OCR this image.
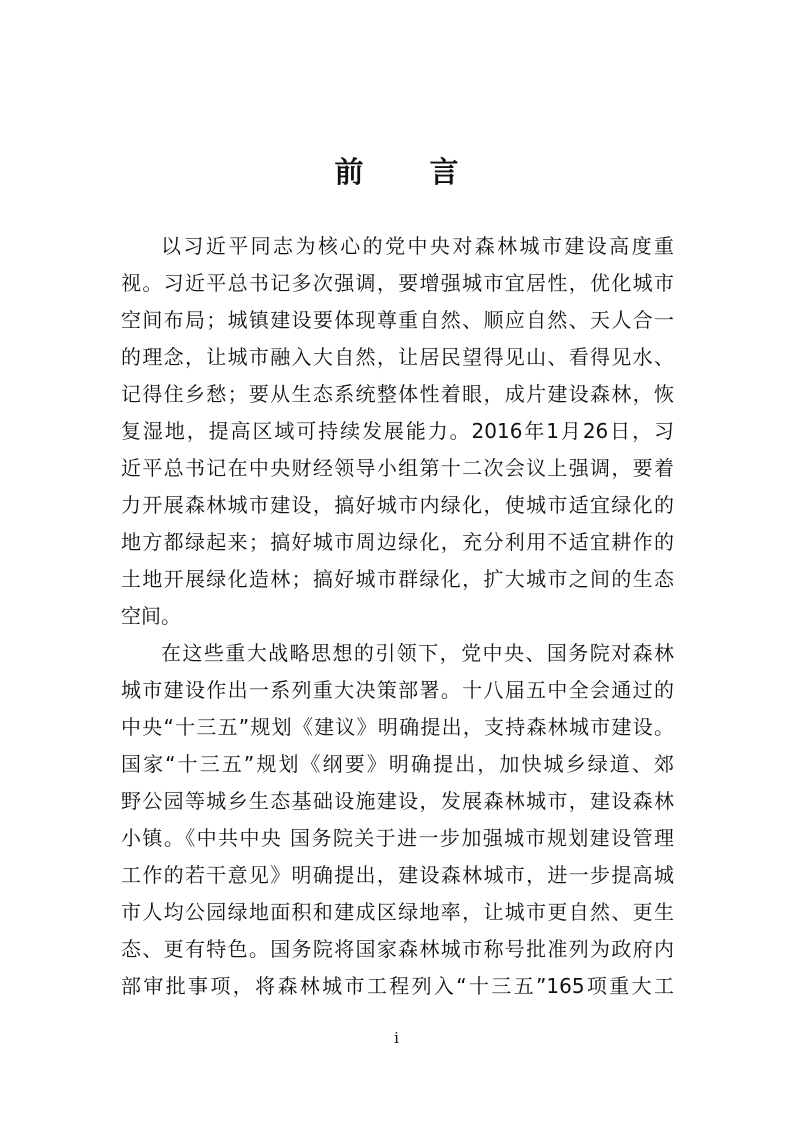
前 言
以习近平同志为核心的党中央对森林城市建设高度重
视。习近平总书记多次强调，要增强城市宜居性，优化城市
空间布局；城镇建设要体现尊重自然、顺应自然、天人合一
的理念，让城市融入大自然，让居民望得见山、看得见水、
记得住乡愁；要从生态系统整体性着眼，成片建设森林，恢
复湿地，提高区域可持续发展能力。2016年1月26日，习
近平总书记在中央财经领导小组第十二次会议上强调，要着
力开展森林城市建设，搞好城市内绿化，使城市适宜绿化的
地方都绿起来；搞好城市周边绿化，充分利用不适宜耕作的
土地开展绿化造林；搞好城市群绿化，扩大城市之间的生态
空间。
在这些重大战略思想的引领下，党中央、国务院对森林
城市建设作出一系列重大决策部署。十八届五中全会通过的
中央“十三五”规划《建议》明确提出，支持森林城市建设。
国家“十三五”规划《纲要》明确提出，加快城乡绿道、郊
野公园等城乡生态基础设施建设，发展森林城市，建设森林
小镇。《中共中央 国务院关于进一步加强城市规划建设管理
工作的若干意见》明确提出，建设森林城市，进一步提高城
市人均公园绿地面积和建成区绿地率，让城市更自然、更生
态、更有特色。国务院将国家森林城市称号批准列为政府内
部审批事项，将森林城市工程列入“十三五”165项重大工
i
